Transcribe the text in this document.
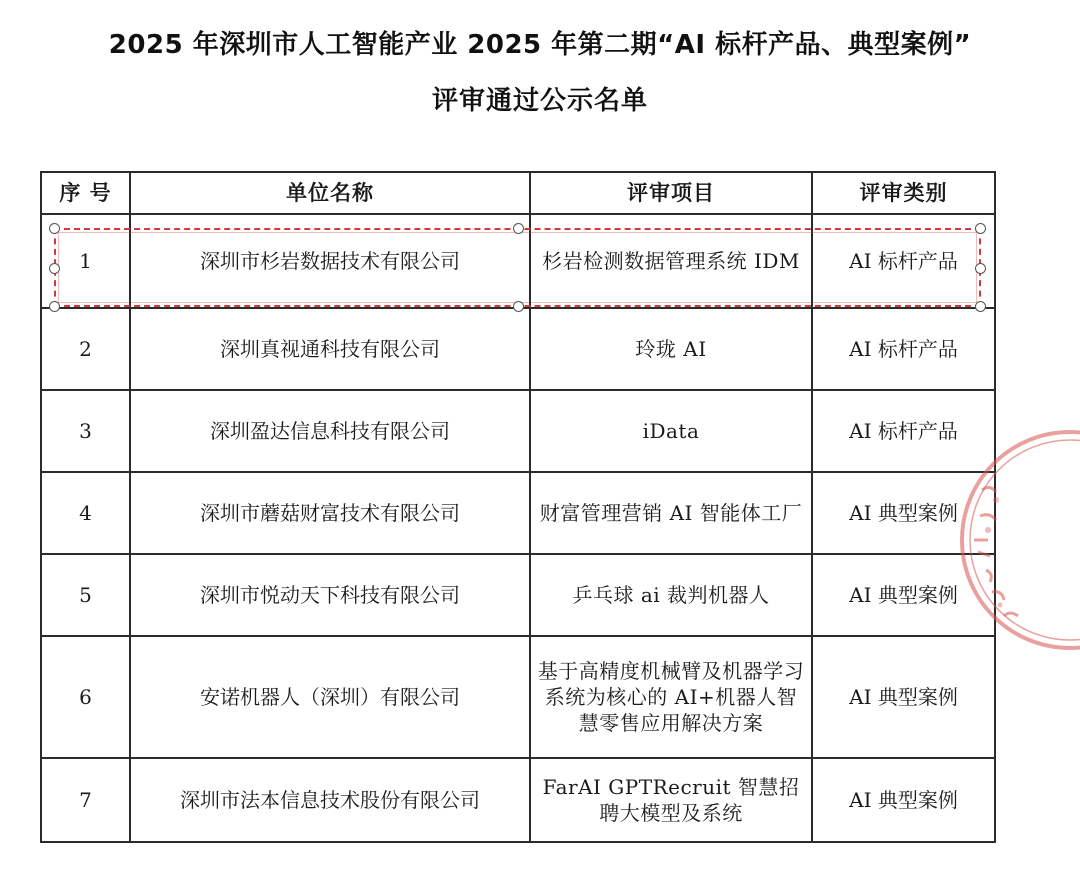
2025 年深圳市人工智能产业 2025 年第二期“AI 标杆产品、典型案例”
评审通过公示名单
序 号	单位名称	评审项目	评审类别
1	深圳市杉岩数据技术有限公司	杉岩检测数据管理系统 IDM	AI 标杆产品
2	深圳真视通科技有限公司	玲珑 AI	AI 标杆产品
3	深圳盈达信息科技有限公司	iData	AI 标杆产品
4	深圳市蘑菇财富技术有限公司	财富管理营销 AI 智能体工厂	AI 典型案例
5	深圳市悦动天下科技有限公司	乒乓球 ai 裁判机器人	AI 典型案例
6	安诺机器人（深圳）有限公司	基于高精度机械臂及机器学习系统为核心的 AI+机器人智慧零售应用解决方案	AI 典型案例
7	深圳市法本信息技术股份有限公司	FarAI GPTRecruit 智慧招聘大模型及系统	AI 典型案例
